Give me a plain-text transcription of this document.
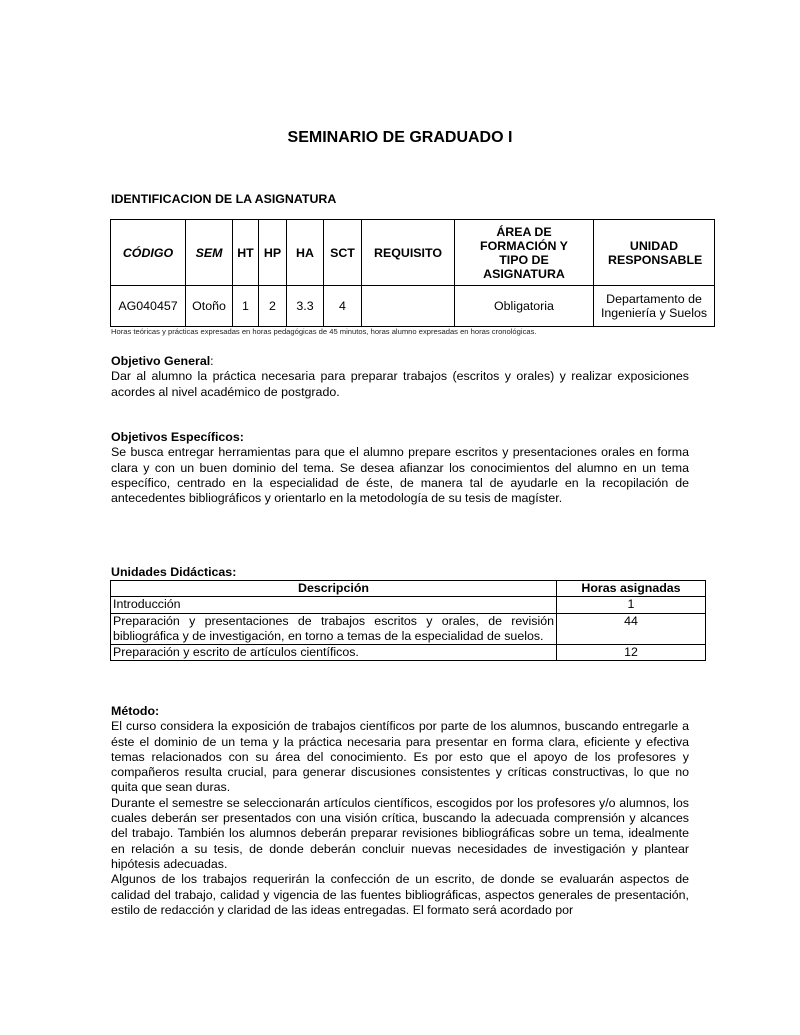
SEMINARIO DE GRADUADO I
IDENTIFICACION DE LA ASIGNATURA
CÓDIGO	SEM	HT	HP	HA	SCT	REQUISITO	ÁREA DE FORMACIÓN Y TIPO DE ASIGNATURA	UNIDAD RESPONSABLE
AG040457	Otoño	1	2	3.3	4		Obligatoria	Departamento de Ingeniería y Suelos
Horas teóricas y prácticas expresadas en horas pedagógicas de 45 minutos, horas alumno expresadas en horas cronológicas.

Objetivo General:

Dar al alumno la práctica necesaria para preparar trabajos (escritos y orales) y realizar exposiciones acordes al nivel académico de postgrado.

Objetivos Específicos:

Se busca entregar herramientas para que el alumno prepare escritos y presentaciones orales en forma clara y con un buen dominio del tema. Se desea afianzar los conocimientos del alumno en un tema específico, centrado en la especialidad de éste, de manera tal de ayudarle en la recopilación de antecedentes bibliográficos y orientarlo en la metodología de su tesis de magíster.

Unidades Didácticas:
Descripción	Horas asignadas
Introducción	1
Preparación y presentaciones de trabajos escritos y orales, de revisión bibliográfica y de investigación, en torno a temas de la especialidad de suelos.	44
Preparación y escrito de artículos científicos.	12

Método:

El curso considera la exposición de trabajos científicos por parte de los alumnos, buscando entregarle a éste el dominio de un tema y la práctica necesaria para presentar en forma clara, eficiente y efectiva temas relacionados con su área del conocimiento. Es por esto que el apoyo de los profesores y compañeros resulta crucial, para generar discusiones consistentes y críticas constructivas, lo que no quita que sean duras.

Durante el semestre se seleccionarán artículos científicos, escogidos por los profesores y/o alumnos, los cuales deberán ser presentados con una visión crítica, buscando la adecuada comprensión y alcances del trabajo. También los alumnos deberán preparar revisiones bibliográficas sobre un tema, idealmente en relación a su tesis, de donde deberán concluir nuevas necesidades de investigación y plantear hipótesis adecuadas.

Algunos de los trabajos requerirán la confección de un escrito, de donde se evaluarán aspectos de calidad del trabajo, calidad y vigencia de las fuentes bibliográficas, aspectos generales de presentación, estilo de redacción y claridad de las ideas entregadas. El formato será acordado por
